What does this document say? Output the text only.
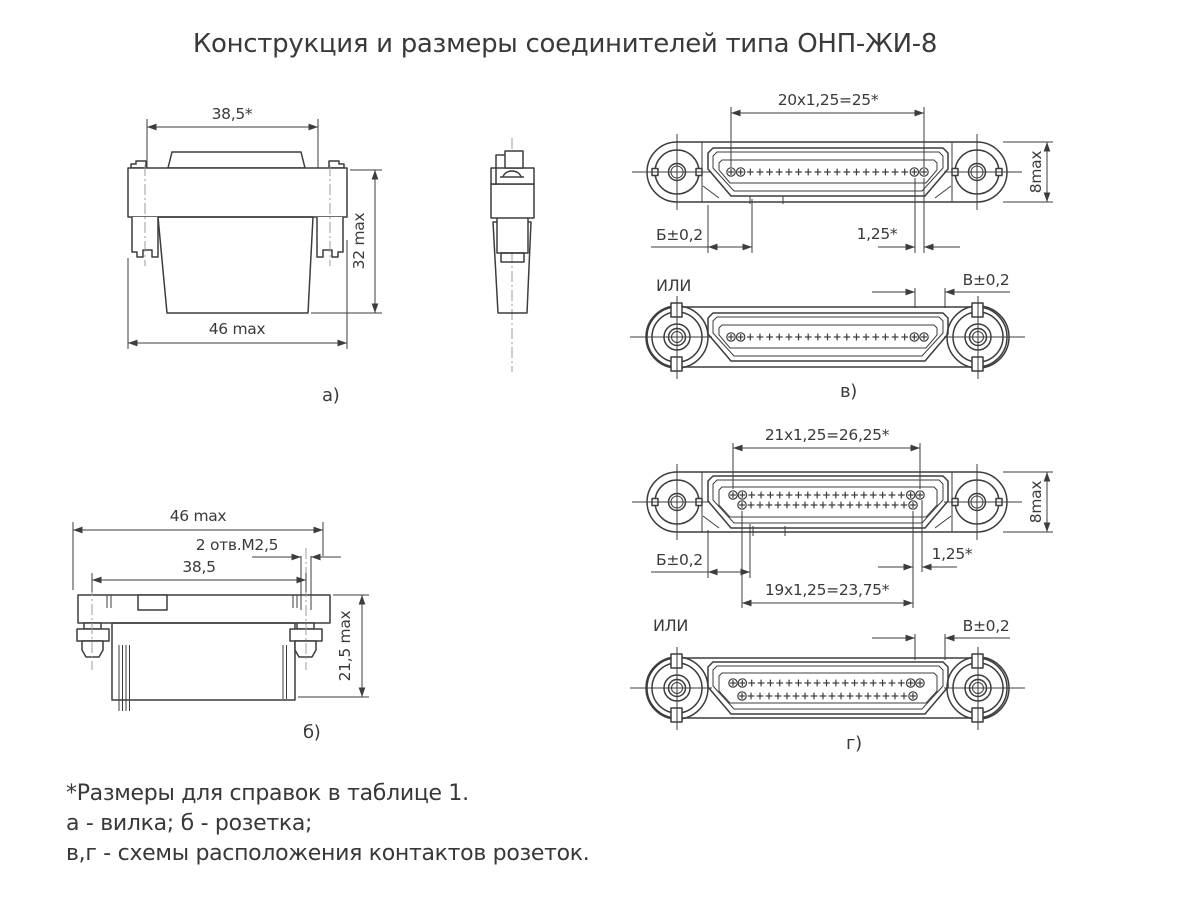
Конструкция и размеры соединителей типа ОНП-ЖИ-8
38,5*
32 max
46 max
а)
20x1,25=25*
8max
Б±0,2	1,25*
В±0,2
ИЛИ
в)
46 max
2 отв.М2,5
38,5
21,5 max
б)
21x1,25=26,25*
8max
Б±0,2	1,25*
19x1,25=23,75*
В±0,2
ИЛИ
г)
*Размеры для справок в таблице 1.
а - вилка; б - розетка;
в,г - схемы расположения контактов розеток.
